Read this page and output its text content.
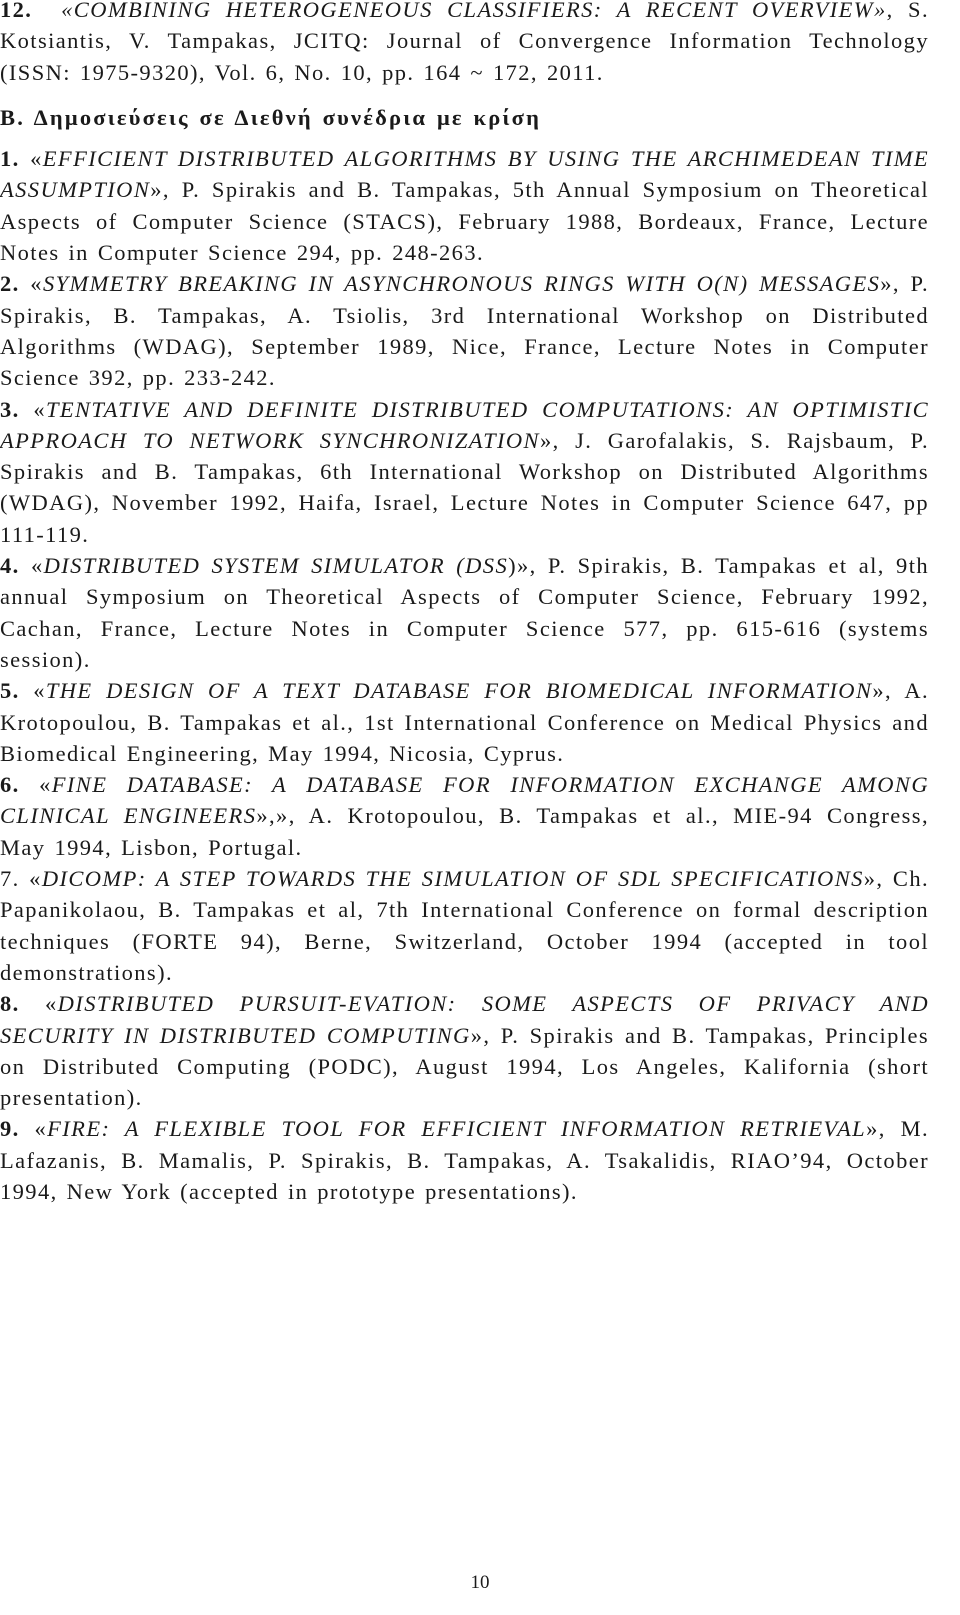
12. «COMBINING HETEROGENEOUS CLASSIFIERS: A RECENT OVERVIEW», S. Kotsiantis, V. Tampakas, JCITQ: Journal of Convergence Information Technology (ISSN: 1975-9320), Vol. 6, No. 10, pp. 164 ~ 172, 2011.

Β. Δημοσιεύσεις σε Διεθνή συνέδρια με κρίση

1. «EFFICIENT DISTRIBUTED ALGORITHMS BY USING THE ARCHIMEDEAN TIME ASSUMPTION», P. Spirakis and B. Tampakas, 5th Annual Symposium on Theoretical Aspects of Computer Science (STACS), February 1988, Bordeaux, France, Lecture Notes in Computer Science 294, pp. 248-263.

2. «SYMMETRY BREAKING IN ASYNCHRONOUS RINGS WITH O(N) MESSAGES», P. Spirakis, B. Tampakas, A. Tsiolis, 3rd International Workshop on Distributed Algorithms (WDAG), September 1989, Nice, France, Lecture Notes in Computer Science 392, pp. 233-242.

3. «TENTATIVE AND DEFINITE DISTRIBUTED COMPUTATIONS: AN OPTIMISTIC APPROACH TO NETWORK SYNCHRONIZATION», J. Garofalakis, S. Rajsbaum, P. Spirakis and B. Tampakas, 6th International Workshop on Distributed Algorithms (WDAG), November 1992, Haifa, Israel, Lecture Notes in Computer Science 647, pp 111-119.

4. «DISTRIBUTED SYSTEM SIMULATOR (DSS)», P. Spirakis, B. Tampakas et al, 9th annual Symposium on Theoretical Aspects of Computer Science, February 1992, Cachan, France, Lecture Notes in Computer Science 577, pp. 615-616 (systems session).

5. «THE DESIGN OF A TEXT DATABASE FOR BIOMEDICAL INFORMATION», A. Krotopoulou, B. Tampakas et al., 1st International Conference on Medical Physics and Biomedical Engineering, May 1994, Nicosia, Cyprus.

6. «FINE DATABASE: A DATABASE FOR INFORMATION EXCHANGE AMONG CLINICAL ENGINEERS»,», A. Krotopoulou, B. Tampakas et al., MIE-94 Congress, May 1994, Lisbon, Portugal.

7. «DICOMP: A STEP TOWARDS THE SIMULATION OF SDL SPECIFICATIONS», Ch. Papanikolaou, B. Tampakas et al, 7th International Conference on formal description techniques (FORTE 94), Berne, Switzerland, October 1994 (accepted in tool demonstrations).

8. «DISTRIBUTED PURSUIT-EVATION: SOME ASPECTS OF PRIVACY AND SECURITY IN DISTRIBUTED COMPUTING», P. Spirakis and B. Tampakas, Principles on Distributed Computing (PODC), August 1994, Los Angeles, Kalifornia (short presentation).

9. «FIRE: A FLEXIBLE TOOL FOR EFFICIENT INFORMATION RETRIEVAL», M. Lafazanis, B. Mamalis, P. Spirakis, B. Tampakas, A. Tsakalidis, RIAO’94, October 1994, New York (accepted in prototype presentations).

10
